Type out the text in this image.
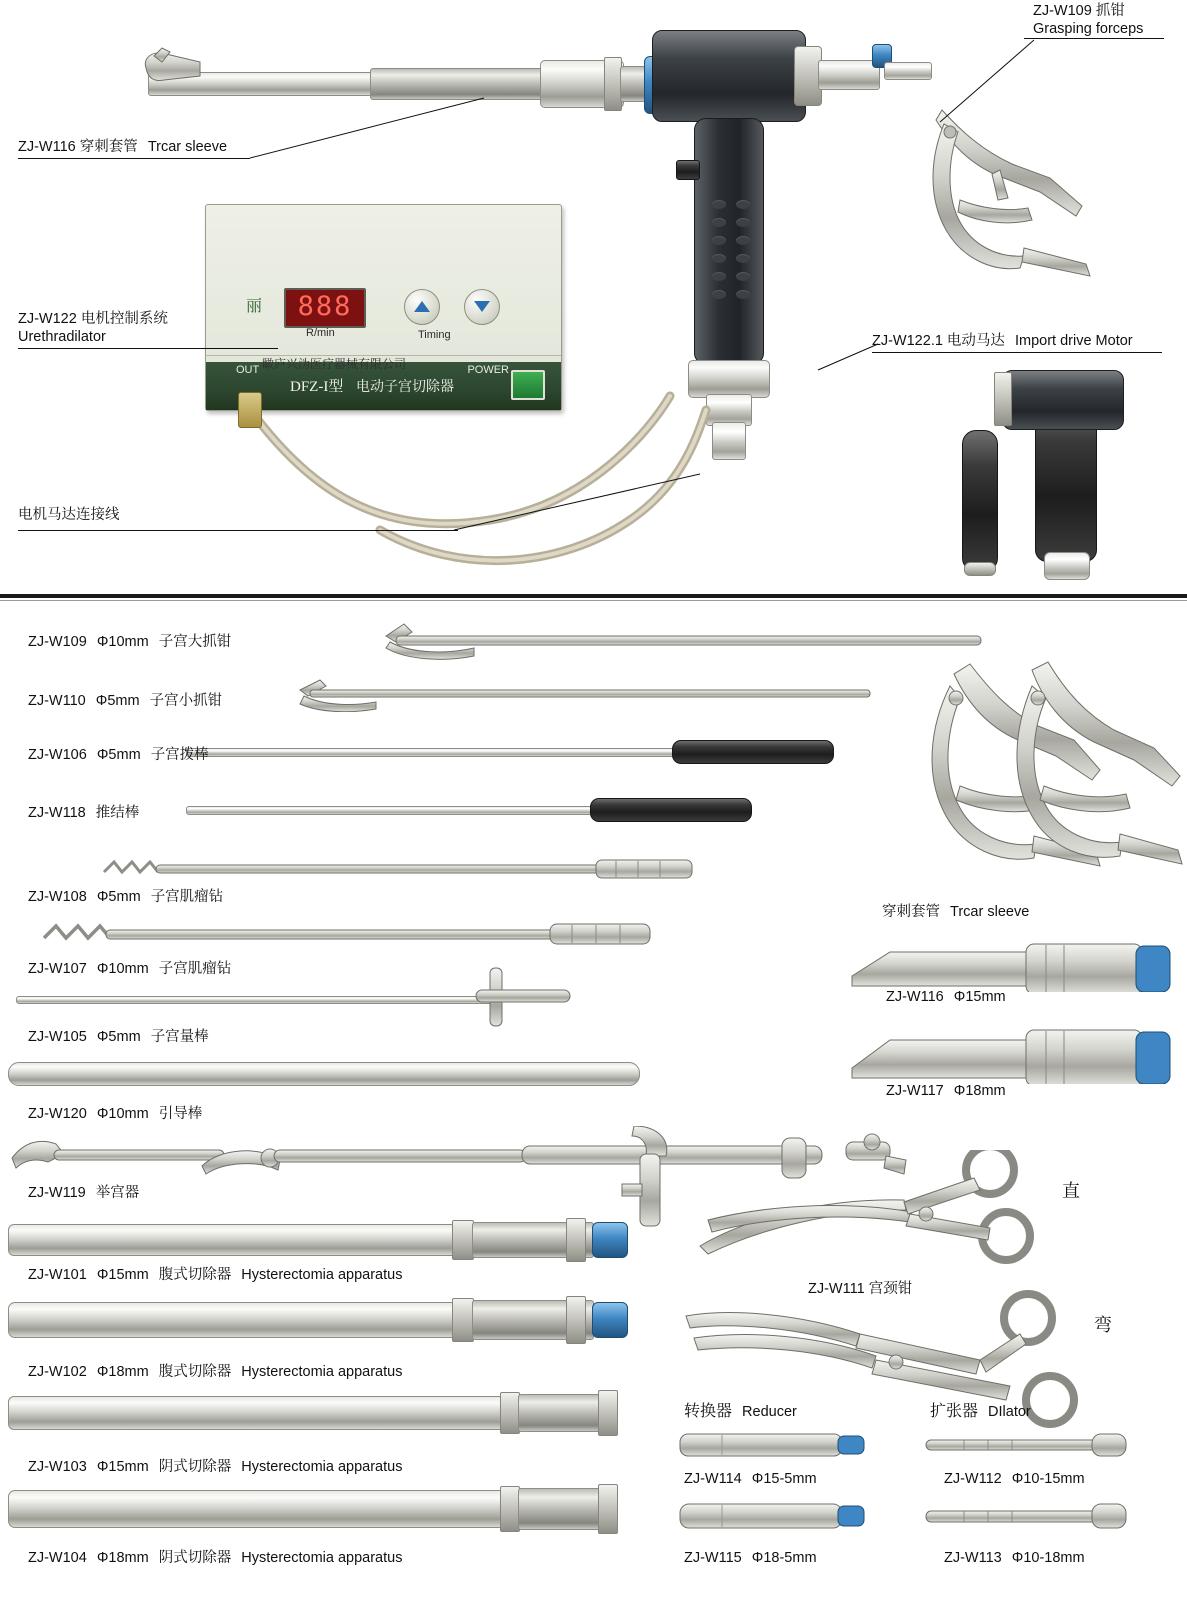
丽	888
R/min	Timing
瞰庐兴沩医疗器械有限公司
OUT	POWER
DFZ-I型 电动子宫切除器
ZJ-W116 穿刺套管 Trcar sleeve
ZJ-W109 抓钳
Grasping forceps
ZJ-W122 电机控制系统
Urethradilator	ZJ-W122.1 电动马达 Import drive Motor
电机马达连接线
ZJ-W109 Φ10mm 子宫大抓钳
ZJ-W110 Φ5mm 子宫小抓钳
ZJ-W106 Φ5mm 子宫拨棒
ZJ-W118 推结棒
ZJ-W108 Φ5mm 子宫肌瘤钻
ZJ-W107 Φ10mm 子宫肌瘤钻
ZJ-W105 Φ5mm 子宫量棒
ZJ-W120 Φ10mm 引导棒
ZJ-W119 举宫器
ZJ-W101 Φ15mm 腹式切除器 Hysterectomia apparatus
ZJ-W102 Φ18mm 腹式切除器 Hysterectomia apparatus
ZJ-W103 Φ15mm 阴式切除器 Hysterectomia apparatus
ZJ-W104 Φ18mm 阴式切除器 Hysterectomia apparatus
穿刺套管 Trcar sleeve
ZJ-W116 Φ15mm
ZJ-W117 Φ18mm
直
ZJ-W111 宫颈钳
弯
转换器 Reducer
ZJ-W114 Φ15-5mm
ZJ-W115 Φ18-5mm
扩张器 DIlator
ZJ-W112 Φ10-15mm
ZJ-W113 Φ10-18mm
